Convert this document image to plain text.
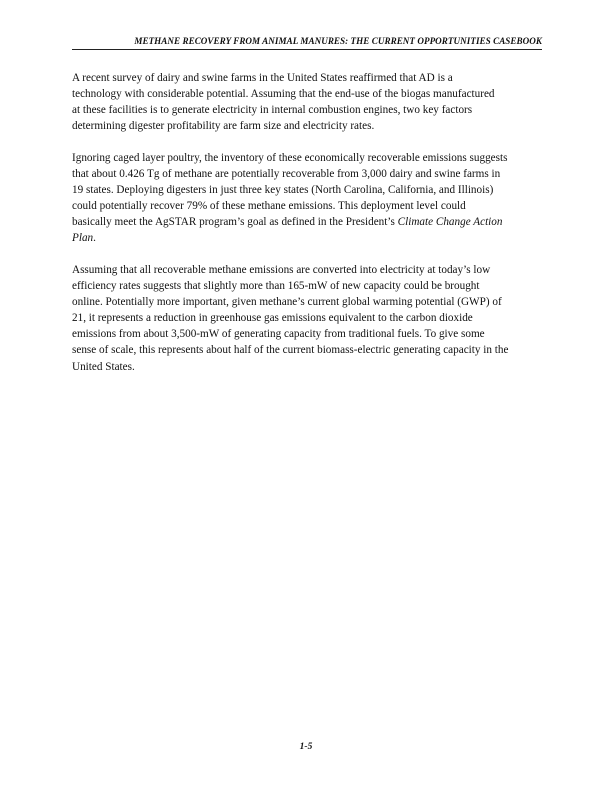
METHANE RECOVERY FROM ANIMAL MANURES: THE CURRENT OPPORTUNITIES CASEBOOK

A recent survey of dairy and swine farms in the United States reaffirmed that AD is a
technology with considerable potential. Assuming that the end-use of the biogas manufactured
at these facilities is to generate electricity in internal combustion engines, two key factors
determining digester profitability are farm size and electricity rates.

Ignoring caged layer poultry, the inventory of these economically recoverable emissions suggests
that about 0.426 Tg of methane are potentially recoverable from 3,000 dairy and swine farms in
19 states. Deploying digesters in just three key states (North Carolina, California, and Illinois)
could potentially recover 79% of these methane emissions. This deployment level could
basically meet the AgSTAR program’s goal as defined in the President’s Climate Change Action
Plan.

Assuming that all recoverable methane emissions are converted into electricity at today’s low
efficiency rates suggests that slightly more than 165-mW of new capacity could be brought
online. Potentially more important, given methane’s current global warming potential (GWP) of
21, it represents a reduction in greenhouse gas emissions equivalent to the carbon dioxide
emissions from about 3,500-mW of generating capacity from traditional fuels. To give some
sense of scale, this represents about half of the current biomass-electric generating capacity in the
United States.

1-5
